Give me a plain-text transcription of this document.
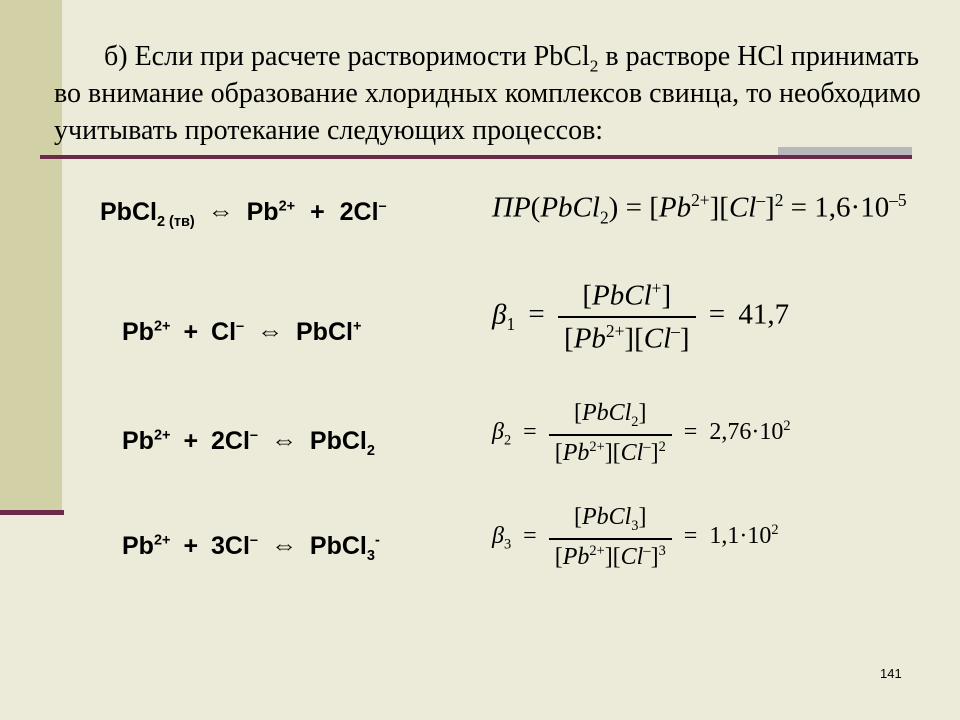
б) Если при расчете растворимости PbCl$_2$ в растворе HCl принимать во внимание образование хлоридных комплексов свинца, то необходимо учитывать протекание следующих процессов:
PbCl$_{2 (тв)}$ ⇔ $Pb^{2+} + 2Cl^-$
$Pb^{2+} + Cl^-$ ⇔ PbCl+
$Pb^{2+} + 2Cl^-$ ⇔ PbCl$_2$
$Pb^{2+} + 3Cl^-$ ⇔ PbCl$_3$-
ПР(PbCl$_2$) = $[Pb^{2+}][Cl^-]^2 = 1,6\cdot 10^{-5}$
$\beta_1 = \frac{[PbCl^+]}{[Pb^{2+}][Cl^-]} = 41,7$
$\beta_2 = \frac{[PbCl_2]}{[Pb^{2+}][Cl^-]^2} = 2,76\cdot 10^2$
$\beta_3 = \frac{[PbCl_3]}{[Pb^{2+}][Cl^-]^3} = 1,1\cdot 10^2$
141
